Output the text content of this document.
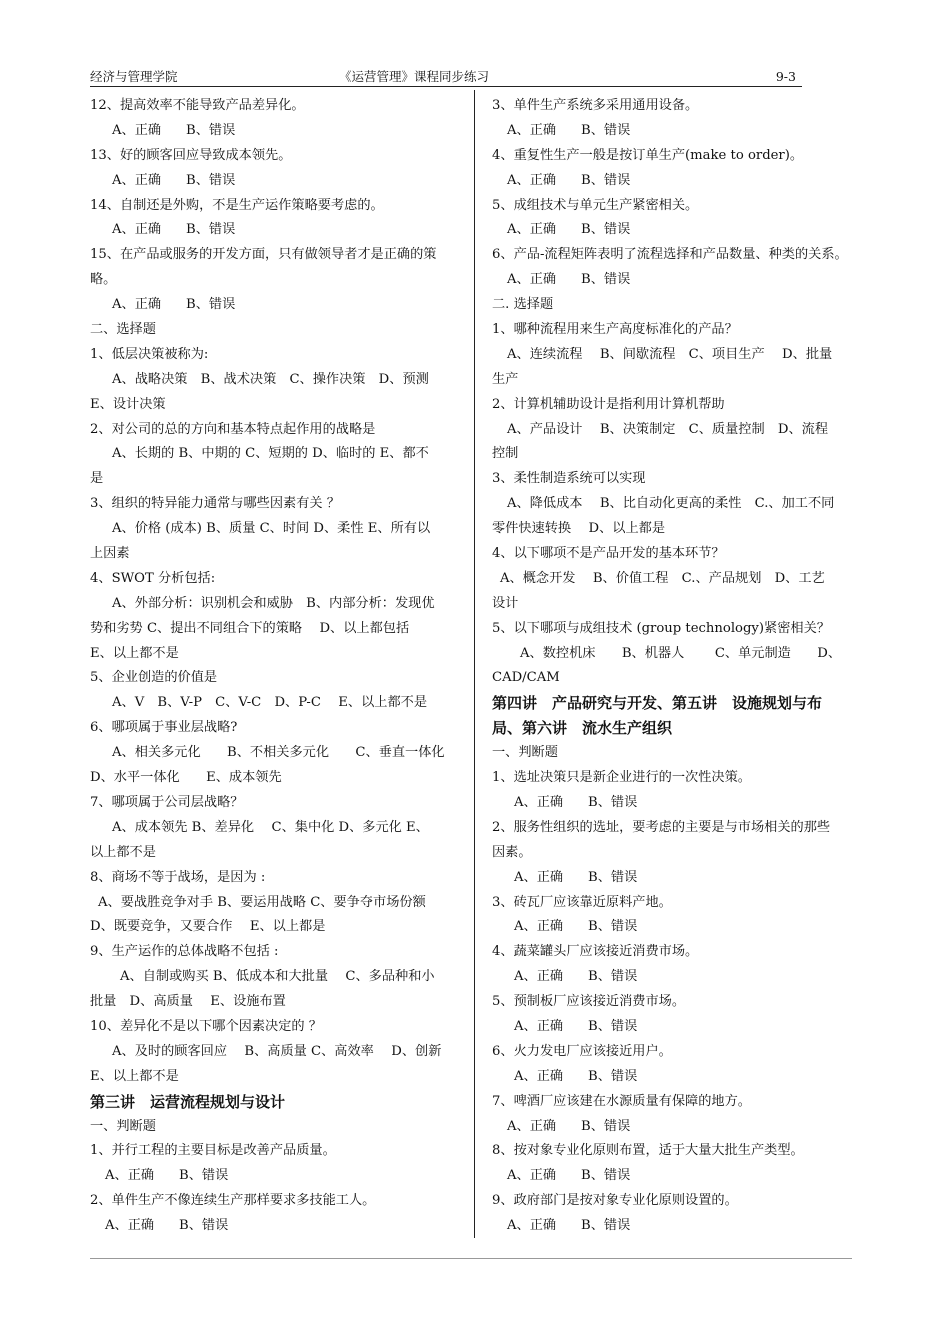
经济与管理学院	《运营管理》课程同步练习	9-3
12、提高效率不能导致产品差异化。
A、正确 B、错误
13、好的顾客回应导致成本领先。
A、正确 B、错误
14、自制还是外购，不是生产运作策略要考虑的。
A、正确 B、错误
15、在产品或服务的开发方面，只有做领导者才是正确的策
略。
A、正确 B、错误
二、选择题
1、低层决策被称为:
A、战略决策　B、战术决策　C、操作决策　D、预测
E、设计决策
2、对公司的总的方向和基本特点起作用的战略是
A、长期的 B、中期的 C、短期的 D、临时的 E、都不
是
3、组织的特异能力通常与哪些因素有关 ？
A、价格 (成本) B、质量 C、时间 D、柔性 E、所有以
上因素
4、SWOT 分析包括:
A、外部分析：识别机会和威胁　B、内部分析：发现优
势和劣势 C、提出不同组合下的策略　 D、以上都包括
E、以上都不是
5、企业创造的价值是
A、V　B、V-P　C、V-C　D、P-C　 E、以上都不是
6、哪项属于事业层战略?
A、相关多元化　　B、不相关多元化　　C、垂直一体化
D、水平一体化　　E、成本领先
7、哪项属于公司层战略？
A、成本领先 B、差异化　 C、集中化 D、多元化 E、
以上都不是
8、商场不等于战场，是因为 :
A、要战胜竞争对手 B、要运用战略 C、要争夺市场份额
D、既要竞争，又要合作　 E、以上都是
9、生产运作的总体战略不包括 :
A、自制或购买 B、低成本和大批量　 C、多品种和小
批量　D、高质量　 E、设施布置
10、差异化不是以下哪个因素决定的 ？
A、及时的顾客回应　 B、高质量 C、高效率　 D、创新
E、以上都不是
第三讲　运营流程规划与设计
一、判断题
1、并行工程的主要目标是改善产品质量。
A、正确 B、错误
2、单件生产不像连续生产那样要求多技能工人。
A、正确 B、错误
3、单件生产系统多采用通用设备。
A、正确 B、错误
4、重复性生产一般是按订单生产(make to order)。
A、正确 B、错误
5、成组技术与单元生产紧密相关。
A、正确 B、错误
6、产品-流程矩阵表明了流程选择和产品数量、种类的关系。
A、正确 B、错误
二. 选择题
1、哪种流程用来生产高度标准化的产品？
A、连续流程　 B、间歇流程　C、项目生产　 D、批量
生产
2、计算机辅助设计是指利用计算机帮助
A、产品设计　 B、决策制定　C、质量控制　D、流程
控制
3、柔性制造系统可以实现
A、降低成本　 B、比自动化更高的柔性　C.、加工不同
零件快速转换　 D、以上都是
4、以下哪项不是产品开发的基本环节？
A、概念开发　 B、价值工程　C.、产品规划　D、工艺
设计
5、以下哪项与成组技术 (group technology)紧密相关？
A、数控机床　　B、机器人　　 C、单元制造　　D、
CAD/CAM
第四讲　产品研究与开发、第五讲　设施规划与布
局、第六讲　流水生产组织
一、判断题
1、选址决策只是新企业进行的一次性决策。
A、正确 B、错误
2、服务性组织的选址，要考虑的主要是与市场相关的那些
因素。
A、正确 B、错误
3、砖瓦厂应该靠近原料产地。
A、正确 B、错误
4、蔬菜罐头厂应该接近消费市场。
A、正确 B、错误
5、预制板厂应该接近消费市场。
A、正确 B、错误
6、火力发电厂应该接近用户。
A、正确 B、错误
7、啤酒厂应该建在水源质量有保障的地方。
A、正确 B、错误
8、按对象专业化原则布置，适于大量大批生产类型。
A、正确 B、错误
9、政府部门是按对象专业化原则设置的。
A、正确 B、错误
